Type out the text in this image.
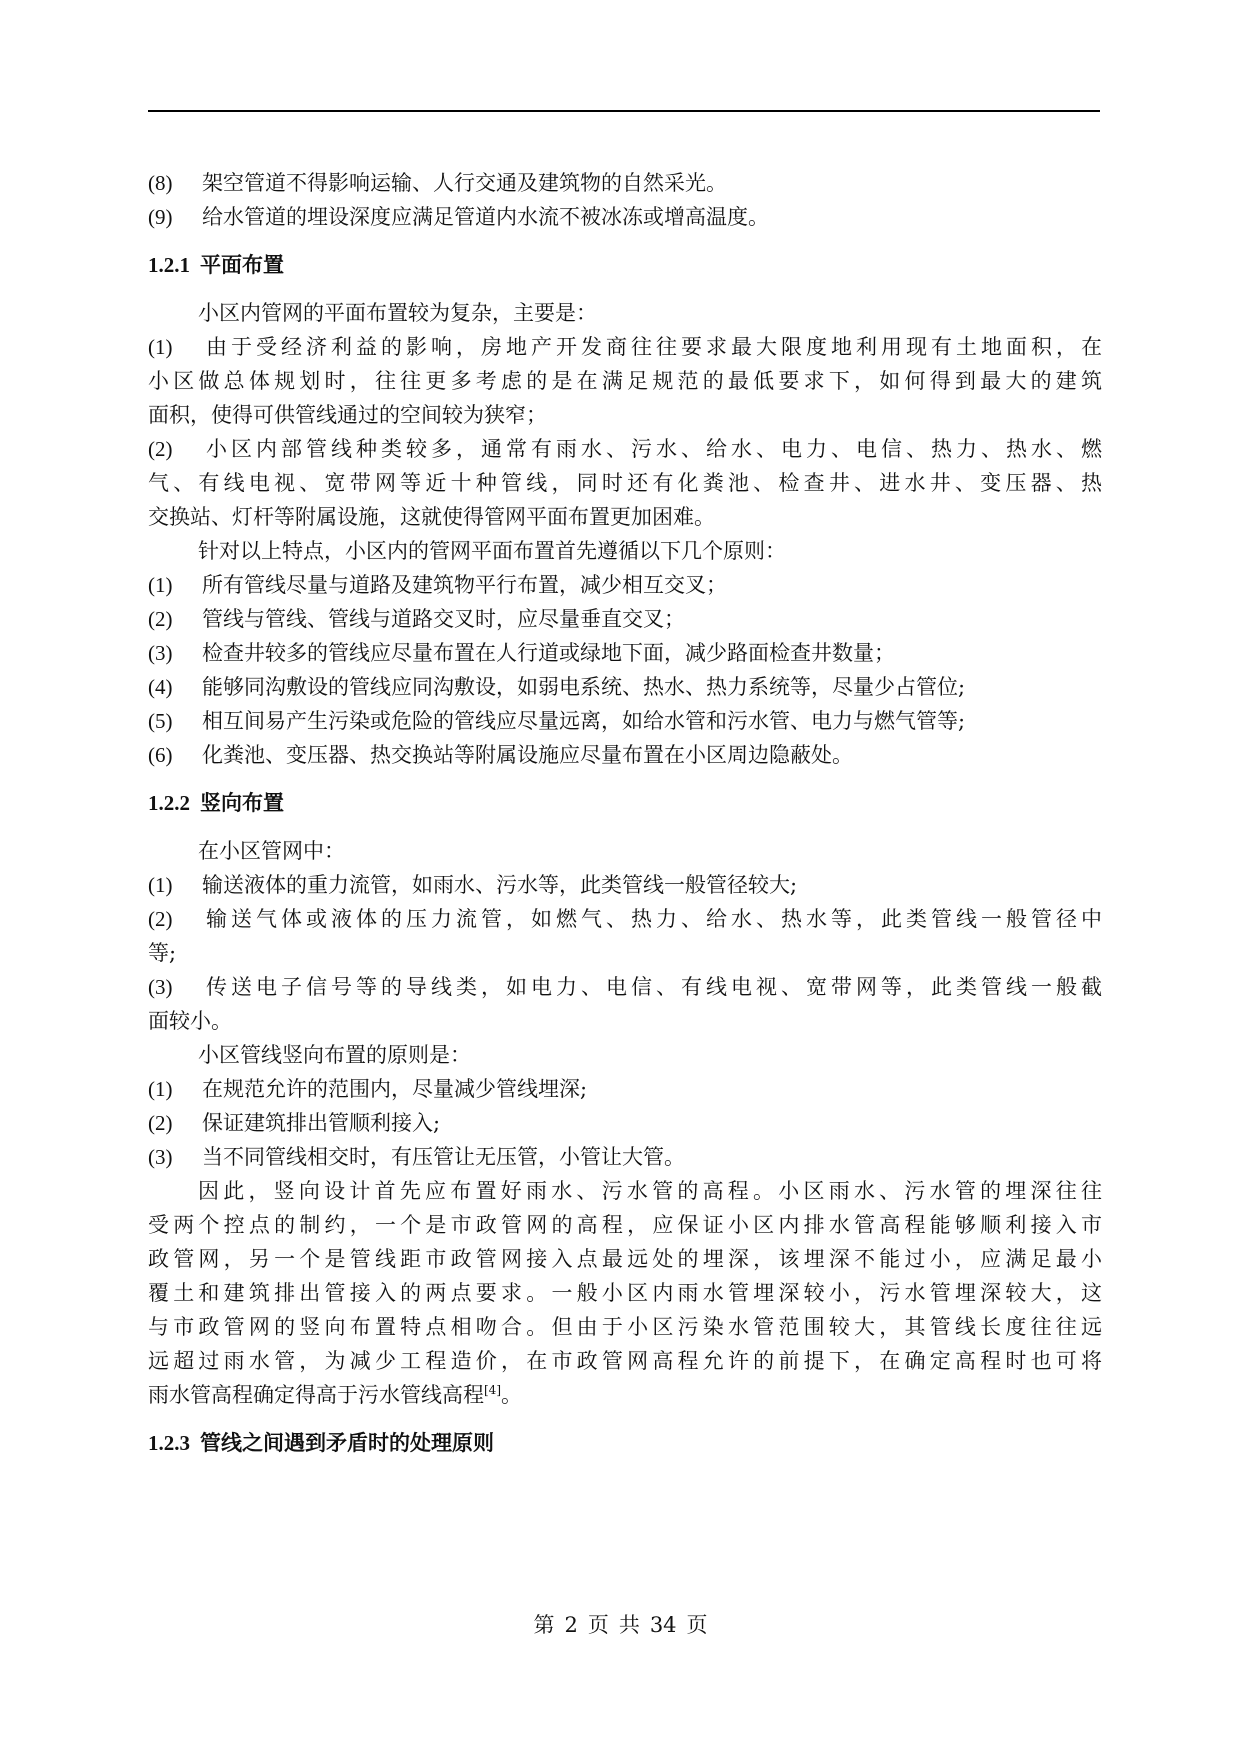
(8) 架空管道不得影响运输、人行交通及建筑物的自然采光。
(9) 给水管道的埋设深度应满足管道内水流不被冰冻或增高温度。
1.2.1 平面布置
小区内管网的平面布置较为复杂，主要是：
(1) 由于受经济利益的影响，房地产开发商往往要求最大限度地利用现有土地面积，在
小区做总体规划时，往往更多考虑的是在满足规范的最低要求下，如何得到最大的建筑
面积，使得可供管线通过的空间较为狭窄；
(2) 小区内部管线种类较多，通常有雨水、污水、给水、电力、电信、热力、热水、燃
气、有线电视、宽带网等近十种管线，同时还有化粪池、检查井、进水井、变压器、热
交换站、灯杆等附属设施，这就使得管网平面布置更加困难。
针对以上特点，小区内的管网平面布置首先遵循以下几个原则：
(1) 所有管线尽量与道路及建筑物平行布置，减少相互交叉；
(2) 管线与管线、管线与道路交叉时，应尽量垂直交叉；
(3) 检查井较多的管线应尽量布置在人行道或绿地下面，减少路面检查井数量；
(4) 能够同沟敷设的管线应同沟敷设，如弱电系统、热水、热力系统等，尽量少占管位;
(5) 相互间易产生污染或危险的管线应尽量远离，如给水管和污水管、电力与燃气管等;
(6) 化粪池、变压器、热交换站等附属设施应尽量布置在小区周边隐蔽处。
1.2.2 竖向布置
在小区管网中：
(1) 输送液体的重力流管，如雨水、污水等，此类管线一般管径较大;
(2) 输送气体或液体的压力流管，如燃气、热力、给水、热水等，此类管线一般管径中
等;
(3) 传送电子信号等的导线类，如电力、电信、有线电视、宽带网等，此类管线一般截
面较小。
小区管线竖向布置的原则是：
(1) 在规范允许的范围内，尽量减少管线埋深;
(2) 保证建筑排出管顺利接入;
(3) 当不同管线相交时，有压管让无压管，小管让大管。
因此，竖向设计首先应布置好雨水、污水管的高程。小区雨水、污水管的埋深往往
受两个控点的制约，一个是市政管网的高程，应保证小区内排水管高程能够顺利接入市
政管网，另一个是管线距市政管网接入点最远处的埋深，该埋深不能过小，应满足最小
覆土和建筑排出管接入的两点要求。一般小区内雨水管埋深较小，污水管埋深较大，这
与市政管网的竖向布置特点相吻合。但由于小区污染水管范围较大，其管线长度往往远
远超过雨水管，为减少工程造价，在市政管网高程允许的前提下，在确定高程时也可将
雨水管高程确定得高于污水管线高程[4]。
1.2.3 管线之间遇到矛盾时的处理原则
第 2 页 共 34 页
